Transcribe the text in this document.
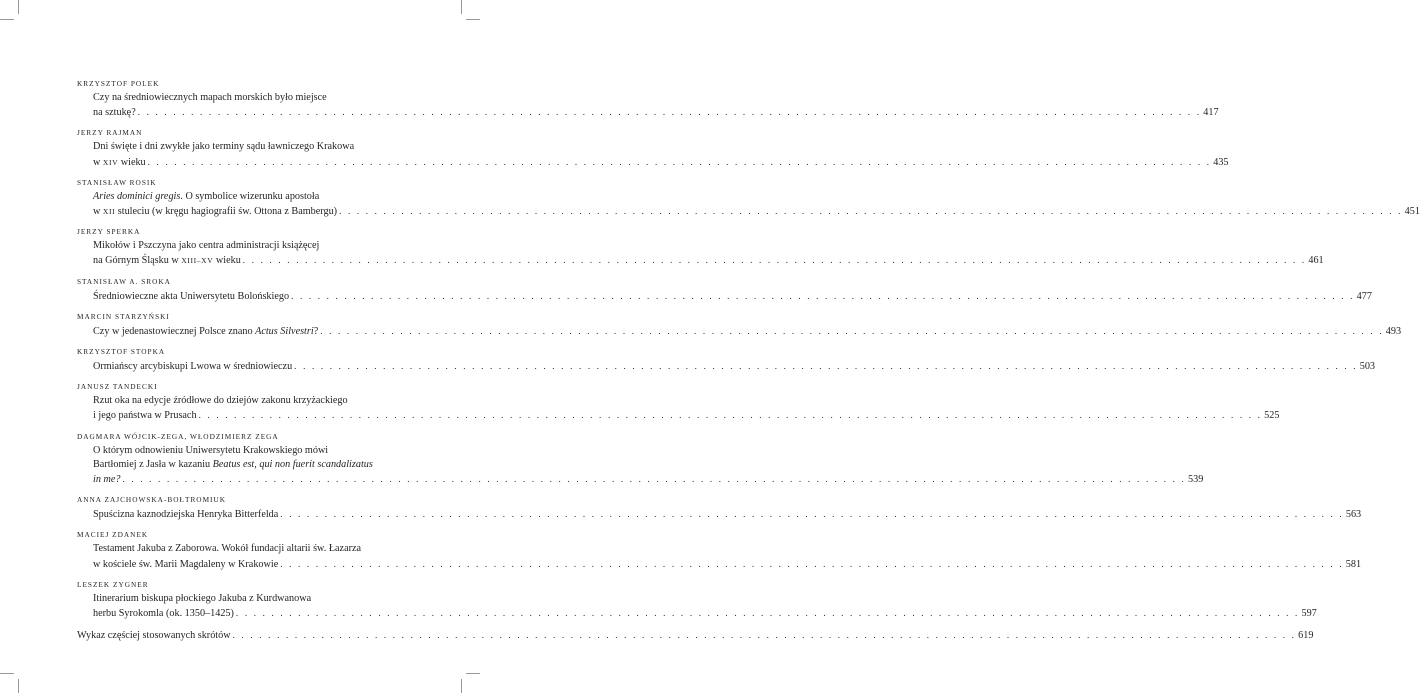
KRZYSZTOF POLEK
Czy na średniowiecznych mapach morskich było miejsce
na sztukę? . . . . . . . . . . . . . . . . . . . . . . . . . . . . . . . . . . . . . . . . . . . . . . . . . . . . . . . . . . . . . . . . . . . . . . . . . . . . . . . . . . . . . . . . . . . . . . . . . . . . . . . . . . . . . . . . . . . . . . . . 417
JERZY RAJMAN
Dni święte i dni zwykłe jako terminy sądu ławniczego Krakowa
w XIV wieku . . . . . . . . . . . . . . . . . . . . . . . . . . . . . . . . . . . . . . . . . . . . . . . . . . . . . . . . . . . . . . . . . . . . . . . . . . . . . . . . . . . . . . . . . . . . . . . . . . . . . . . . . . . . . . . . . . . . . . . . 435
STANISŁAW ROSIK
Aries dominici gregis. O symbolice wizerunku apostoła
w XII stuleciu (w kręgu hagiografii św. Ottona z Bambergu) . . . . . . . . . . . . . . . . . . . . . . . . . . . . . . . . . . . . . . . . . . . . . . . . . . . . . . . . . . . . . . . . . . . . . . . . . . . . . . . . . . . . . . . . . . . . . . . . . . . . . . . . . . . . . . . . . . . . . . . . 451
JERZY SPERKA
Mikołów i Pszczyna jako centra administracji książęcej
na Górnym Śląsku w XIII–XV wieku . . . . . . . . . . . . . . . . . . . . . . . . . . . . . . . . . . . . . . . . . . . . . . . . . . . . . . . . . . . . . . . . . . . . . . . . . . . . . . . . . . . . . . . . . . . . . . . . . . . . . . . . . . . . . . . . . . . . . . . . 461
STANISŁAW A. SROKA
Średniowieczne akta Uniwersytetu Bolońskiego . . . . . . . . . . . . . . . . . . . . . . . . . . . . . . . . . . . . . . . . . . . . . . . . . . . . . . . . . . . . . . . . . . . . . . . . . . . . . . . . . . . . . . . . . . . . . . . . . . . . . . . . . . . . . . . . . . . . . . . . 477
MARCIN STARZYŃSKI
Czy w jedenastowiecznej Polsce znano Actus Silvestri? . . . . . . . . . . . . . . . . . . . . . . . . . . . . . . . . . . . . . . . . . . . . . . . . . . . . . . . . . . . . . . . . . . . . . . . . . . . . . . . . . . . . . . . . . . . . . . . . . . . . . . . . . . . . . . . . . . . . . . . . 493
KRZYSZTOF STOPKA
Ormiańscy arcybiskupi Lwowa w średniowieczu . . . . . . . . . . . . . . . . . . . . . . . . . . . . . . . . . . . . . . . . . . . . . . . . . . . . . . . . . . . . . . . . . . . . . . . . . . . . . . . . . . . . . . . . . . . . . . . . . . . . . . . . . . . . . . . . . . . . . . . . 503
JANUSZ TANDECKI
Rzut oka na edycje źródłowe do dziejów zakonu krzyżackiego
i jego państwa w Prusach . . . . . . . . . . . . . . . . . . . . . . . . . . . . . . . . . . . . . . . . . . . . . . . . . . . . . . . . . . . . . . . . . . . . . . . . . . . . . . . . . . . . . . . . . . . . . . . . . . . . . . . . . . . . . . . . . . . . . . . . 525
DAGMARA WÓJCIK-ZEGA, WŁODZIMIERZ ZEGA
O którym odnowieniu Uniwersytetu Krakowskiego mówi
Bartłomiej z Jasła w kazaniu Beatus est, qui non fuerit scandalizatus
in me? . . . . . . . . . . . . . . . . . . . . . . . . . . . . . . . . . . . . . . . . . . . . . . . . . . . . . . . . . . . . . . . . . . . . . . . . . . . . . . . . . . . . . . . . . . . . . . . . . . . . . . . . . . . . . . . . . . . . . . . . 539
ANNA ZAJCHOWSKA-BOŁTROMIUK
Spuścizna kaznodziejska Henryka Bitterfelda . . . . . . . . . . . . . . . . . . . . . . . . . . . . . . . . . . . . . . . . . . . . . . . . . . . . . . . . . . . . . . . . . . . . . . . . . . . . . . . . . . . . . . . . . . . . . . . . . . . . . . . . . . . . . . . . . . . . . . . . 563
MACIEJ ZDANEK
Testament Jakuba z Zaborowa. Wokół fundacji altarii św. Łazarza
w kościele św. Marii Magdaleny w Krakowie . . . . . . . . . . . . . . . . . . . . . . . . . . . . . . . . . . . . . . . . . . . . . . . . . . . . . . . . . . . . . . . . . . . . . . . . . . . . . . . . . . . . . . . . . . . . . . . . . . . . . . . . . . . . . . . . . . . . . . . . 581
LESZEK ZYGNER
Itinerarium biskupa płockiego Jakuba z Kurdwanowa
herbu Syrokomla (ok. 1350–1425) . . . . . . . . . . . . . . . . . . . . . . . . . . . . . . . . . . . . . . . . . . . . . . . . . . . . . . . . . . . . . . . . . . . . . . . . . . . . . . . . . . . . . . . . . . . . . . . . . . . . . . . . . . . . . . . . . . . . . . . . 597
Wykaz częściej stosowanych skrótów . . . . . . . . . . . . . . . . . . . . . . . . . . . . . . . . . . . . . . . . . . . . . . . . . . . . . . . . . . . . . . . . . . . . . . . . . . . . . . . . . . . . . . . . . . . . . . . . . . . . . . . . . . . . . . . . . . . . . . . . 619
